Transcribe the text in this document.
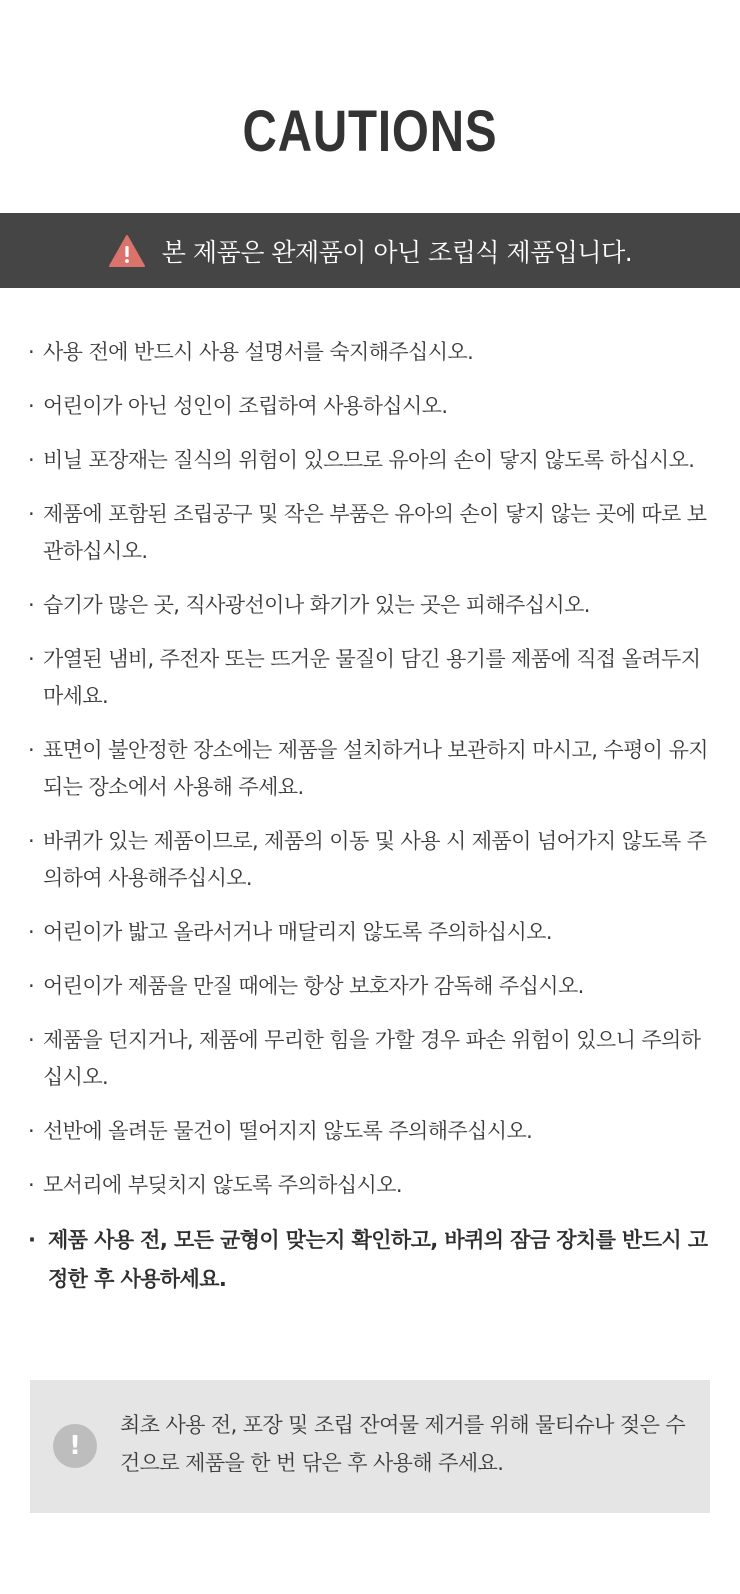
CAUTIONS
본 제품은 완제품이 아닌 조립식 제품입니다.
· 사용 전에 반드시 사용 설명서를 숙지해주십시오.
· 어린이가 아닌 성인이 조립하여 사용하십시오.
· 비닐 포장재는 질식의 위험이 있으므로 유아의 손이 닿지 않도록 하십시오.
· 제품에 포함된 조립공구 및 작은 부품은 유아의 손이 닿지 않는 곳에 따로 보관하십시오.
· 습기가 많은 곳, 직사광선이나 화기가 있는 곳은 피해주십시오.
· 가열된 냄비, 주전자 또는 뜨거운 물질이 담긴 용기를 제품에 직접 올려두지 마세요.
· 표면이 불안정한 장소에는 제품을 설치하거나 보관하지 마시고, 수평이 유지되는 장소에서 사용해 주세요.
· 바퀴가 있는 제품이므로, 제품의 이동 및 사용 시 제품이 넘어가지 않도록 주의하여 사용해주십시오.
· 어린이가 밟고 올라서거나 매달리지 않도록 주의하십시오.
· 어린이가 제품을 만질 때에는 항상 보호자가 감독해 주십시오.
· 제품을 던지거나, 제품에 무리한 힘을 가할 경우 파손 위험이 있으니 주의하십시오.
· 선반에 올려둔 물건이 떨어지지 않도록 주의해주십시오.
· 모서리에 부딪치지 않도록 주의하십시오.
· 제품 사용 전, 모든 균형이 맞는지 확인하고, 바퀴의 잠금 장치를 반드시 고정한 후 사용하세요.
!
최초 사용 전, 포장 및 조립 잔여물 제거를 위해 물티슈나 젖은 수건으로 제품을 한 번 닦은 후 사용해 주세요.
